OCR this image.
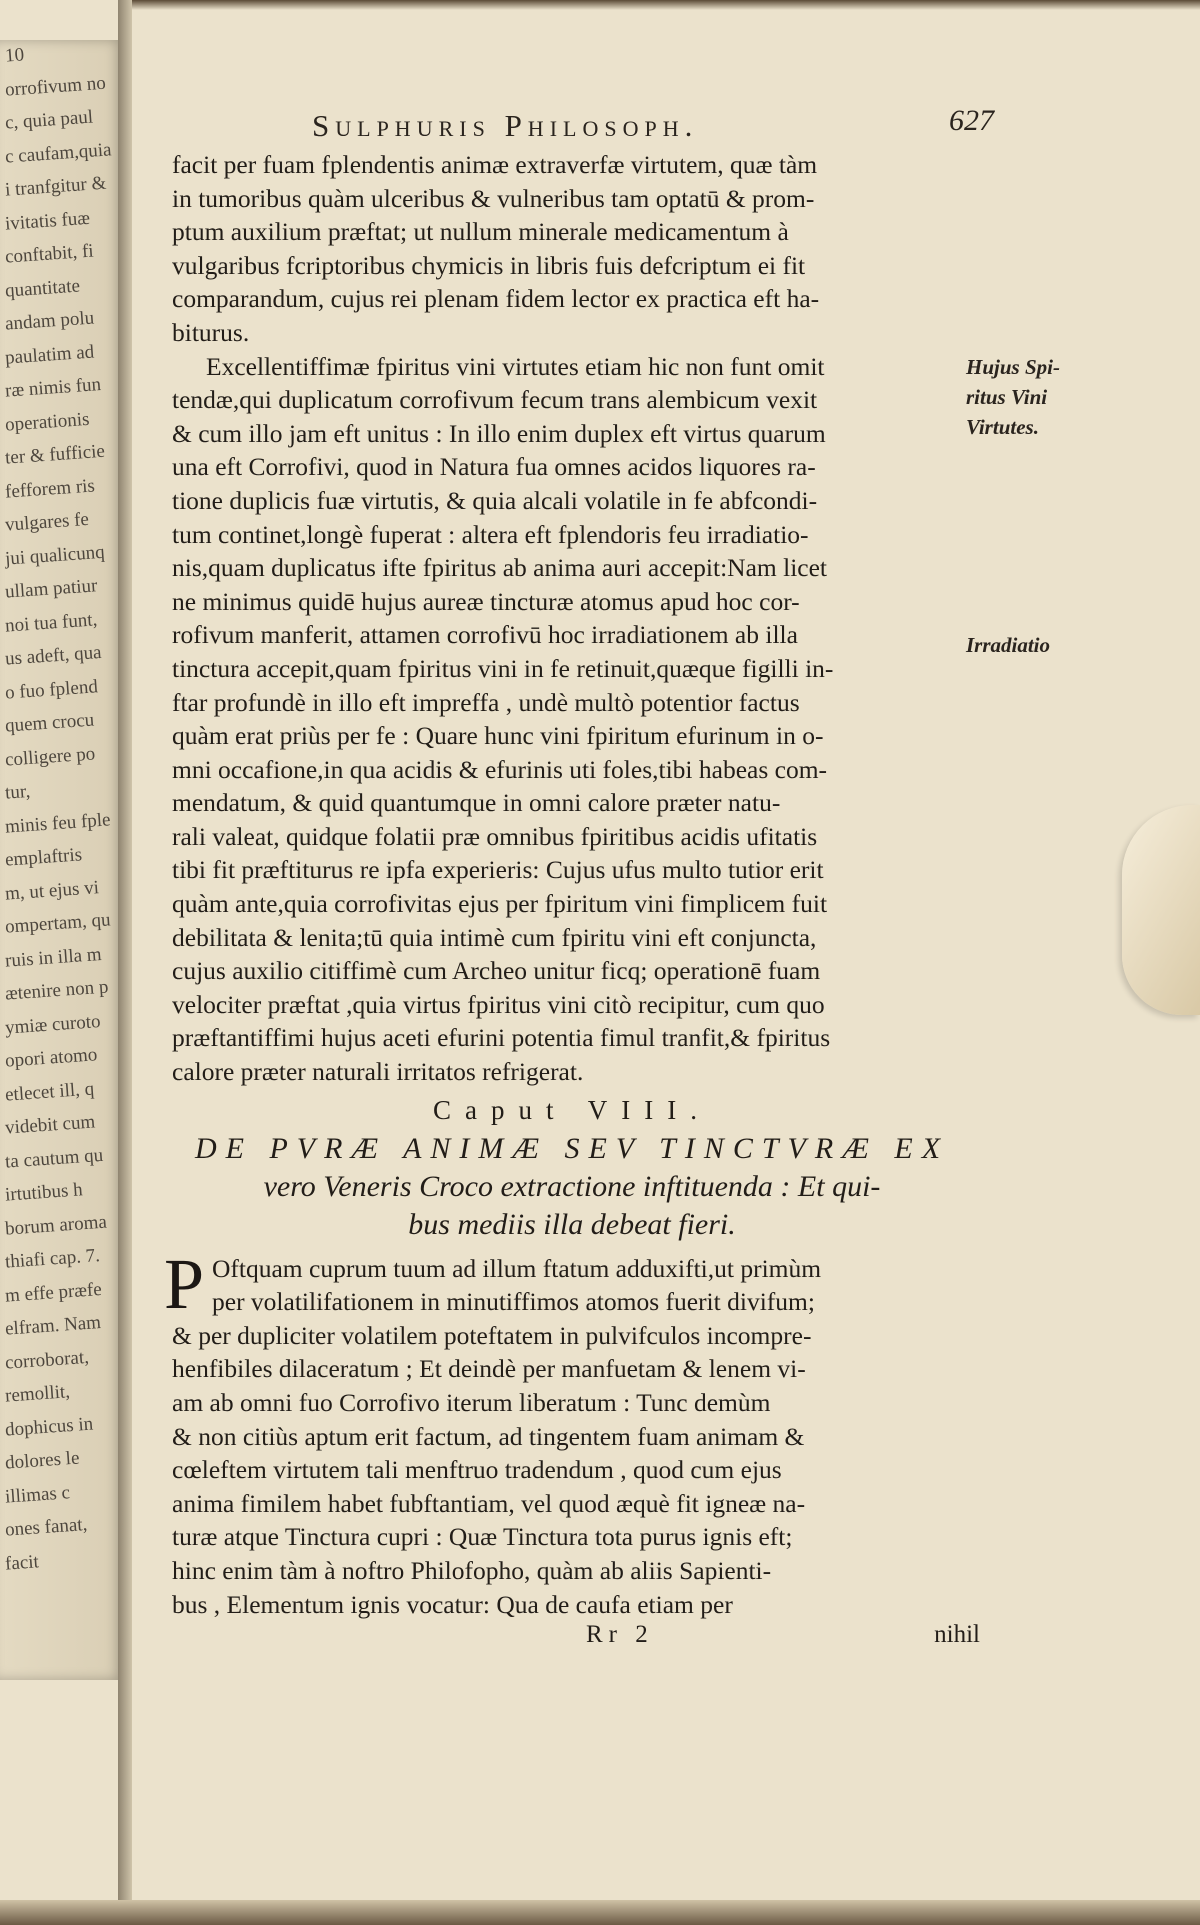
10
orrofivum no
c, quia paul
c caufam,quia
i tranfgitur &
ivitatis fuæ
conftabit, fi
quantitate
andam polu
paulatim ad
ræ nimis fun
operationis
ter & fufficie
fefforem ris
vulgares fe
jui qualicunq
ullam patiur
noi tua funt,
us adeft, qua
o fuo fplend
quem crocu
colligere po
tur,
minis feu fple
emplaftris
m, ut ejus vi
ompertam, qu
ruis in illa m
ætenire non p
ymiæ curoto
opori atomo
etlecet ill, q
videbit cum
ta cautum qu
irtutibus h
borum aroma
thiafi cap. 7.
m effe præfe
elfram. Nam
corroborat,
remollit,
dophicus in
dolores le
illimas c
ones fanat,
facit
Sulphuris Philosoph.	627

facit per fuam fplendentis animæ extraverfæ virtutem, quæ tàm
in tumoribus quàm ulceribus & vulneribus tam optatū & prom-
ptum auxilium præftat; ut nullum minerale medicamentum à
vulgaribus fcriptoribus chymicis in libris fuis defcriptum ei fit
comparandum, cujus rei plenam fidem lector ex practica eft ha-
biturus.

Excellentiffimæ fpiritus vini virtutes etiam hic non funt omit
tendæ,qui duplicatum corrofivum fecum trans alembicum vexit
& cum illo jam eft unitus : In illo enim duplex eft virtus quarum
una eft Corrofivi, quod in Natura fua omnes acidos liquores ra-
tione duplicis fuæ virtutis, & quia alcali volatile in fe abfcondi-
tum continet,longè fuperat : altera eft fplendoris feu irradiatio-
nis,quam duplicatus ifte fpiritus ab anima auri accepit:Nam licet
ne minimus quidē hujus aureæ tincturæ atomus apud hoc cor-
rofivum manferit, attamen corrofivū hoc irradiationem ab illa
tinctura accepit,quam fpiritus vini in fe retinuit,quæque figilli in-
ftar profundè in illo eft impreffa , undè multò potentior factus
quàm erat priùs per fe : Quare hunc vini fpiritum efurinum in o-
mni occafione,in qua acidis & efurinis uti foles,tibi habeas com-
mendatum, & quid quantumque in omni calore præter natu-
rali valeat, quidque folatii præ omnibus fpiritibus acidis ufitatis
tibi fit præftiturus re ipfa experieris: Cujus ufus multo tutior erit
quàm ante,quia corrofivitas ejus per fpiritum vini fimplicem fuit
debilitata & lenita;tū quia intimè cum fpiritu vini eft conjuncta,
cujus auxilio citiffimè cum Archeo unitur ficq; operationē fuam
velociter præftat ,quia virtus fpiritus vini citò recipitur, cum quo
præftantiffimi hujus aceti efurini potentia fimul tranfit,& fpiritus
calore præter naturali irritatos refrigerat.

Caput VIII.
DE PVRÆ ANIMÆ SEV TINCTVRÆ EX
vero Veneris Croco extractione inftituenda : Et qui-
bus mediis illa debeat fieri.
P Oftquam cuprum tuum ad illum ftatum adduxifti,ut primùm
per volatilifationem in minutiffimos atomos fuerit divifum;

& per dupliciter volatilem poteftatem in pulvifculos incompre-
henfibiles dilaceratum ; Et deindè per manfuetam & lenem vi-
am ab omni fuo Corrofivo iterum liberatum : Tunc demùm
& non citiùs aptum erit factum, ad tingentem fuam animam &
cœleftem virtutem tali menftruo tradendum , quod cum ejus
anima fimilem habet fubftantiam, vel quod æquè fit igneæ na-
turæ atque Tinctura cupri : Quæ Tinctura tota purus ignis eft;
hinc enim tàm à noftro Philofopho, quàm ab aliis Sapienti-
bus , Elementum ignis vocatur: Qua de caufa etiam per

Rr 2	nihil
Hujus Spi-
ritus Vini
Virtutes.
Irradiatio
